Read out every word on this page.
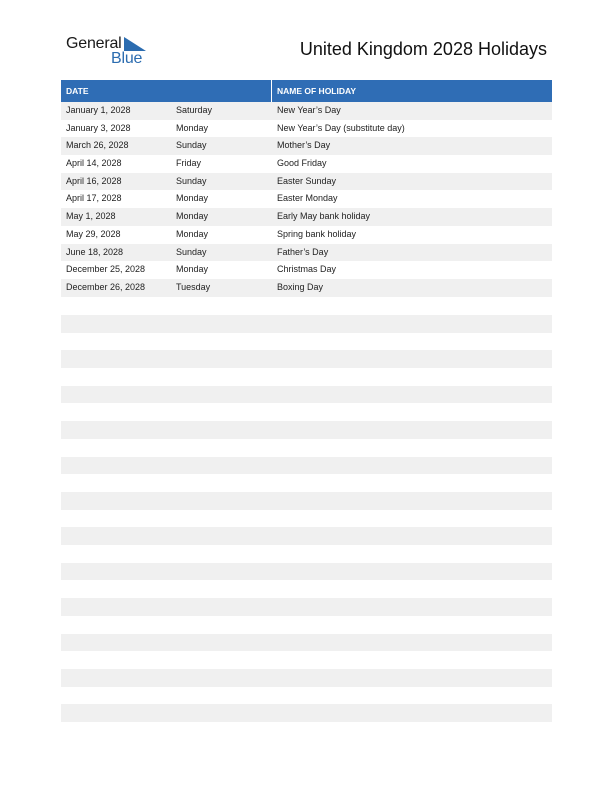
General
Blue	United Kingdom 2028 Holidays
DATE	NAME OF HOLIDAY
January 1, 2028	Saturday	New Year’s Day
January 3, 2028	Monday	New Year’s Day (substitute day)
March 26, 2028	Sunday	Mother’s Day
April 14, 2028	Friday	Good Friday
April 16, 2028	Sunday	Easter Sunday
April 17, 2028	Monday	Easter Monday
May 1, 2028	Monday	Early May bank holiday
May 29, 2028	Monday	Spring bank holiday
June 18, 2028	Sunday	Father’s Day
December 25, 2028	Monday	Christmas Day
December 26, 2028	Tuesday	Boxing Day
